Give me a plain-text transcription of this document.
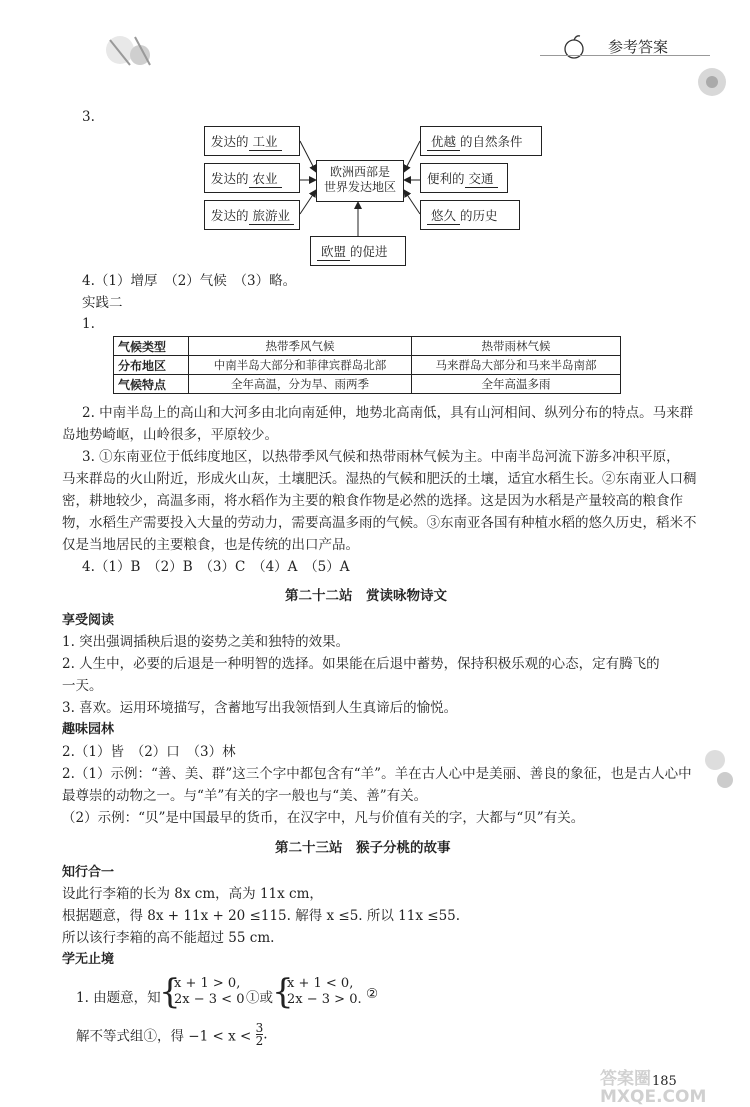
参考答案
3.
发达的 工业
发达的 农业
发达的 旅游业
欧洲西部是
世界发达地区
优越 的自然条件
便利的 交通
悠久 的历史
欧盟 的促进
4.（1）增厚　（2）气候　（3）略。
实践二
1.
气候类型	热带季风气候	热带雨林气候
分布地区	中南半岛大部分和菲律宾群岛北部	马来群岛大部分和马来半岛南部
气候特点	全年高温，分为旱、雨两季	全年高温多雨
2. 中南半岛上的高山和大河多由北向南延伸，地势北高南低，具有山河相间、纵列分布的特点。马来群
岛地势崎岖，山岭很多，平原较少。
3. ①东南亚位于低纬度地区，以热带季风气候和热带雨林气候为主。中南半岛河流下游多冲积平原，
马来群岛的火山附近，形成火山灰，土壤肥沃。湿热的气候和肥沃的土壤，适宜水稻生长。②东南亚人口稠
密，耕地较少，高温多雨，将水稻作为主要的粮食作物是必然的选择。这是因为水稻是产量较高的粮食作
物，水稻生产需要投入大量的劳动力，需要高温多雨的气候。③东南亚各国有种植水稻的悠久历史，稻米不
仅是当地居民的主要粮食，也是传统的出口产品。
4.（1）B　（2）B　（3）C　（4）A　（5）A
第二十二站　赏读咏物诗文
享受阅读
1. 突出强调插秧后退的姿势之美和独特的效果。
2. 人生中，必要的后退是一种明智的选择。如果能在后退中蓄势，保持积极乐观的心态，定有腾飞的
一天。
3. 喜欢。运用环境描写，含蓄地写出我领悟到人生真谛后的愉悦。
趣味园林
2.（1）皆　（2）口　（3）林
2.（1）示例：“善、美、群”这三个字中都包含有“羊”。羊在古人心中是美丽、善良的象征，也是古人心中
最尊崇的动物之一。与“羊”有关的字一般也与“美、善”有关。
（2）示例：“贝”是中国最早的货币，在汉字中，凡与价值有关的字，大都与“贝”有关。
第二十三站　猴子分桃的故事
知行合一
设此行李箱的长为 8x cm，高为 11x cm，
根据题意，得 8x + 11x + 20 ≤115. 解得 x ≤5. 所以 11x ≤55.
所以该行李箱的高不能超过 55 cm.
学无止境
1. 由题意，知
{
x + 1 > 0,
2x − 3 < 0 ①或 {
x + 1 < 0,
2x − 3 > 0. ②
解不等式组①，得 $-1 < x < \frac{3}{2}$ .
185
答案圈 MXQE.COM
